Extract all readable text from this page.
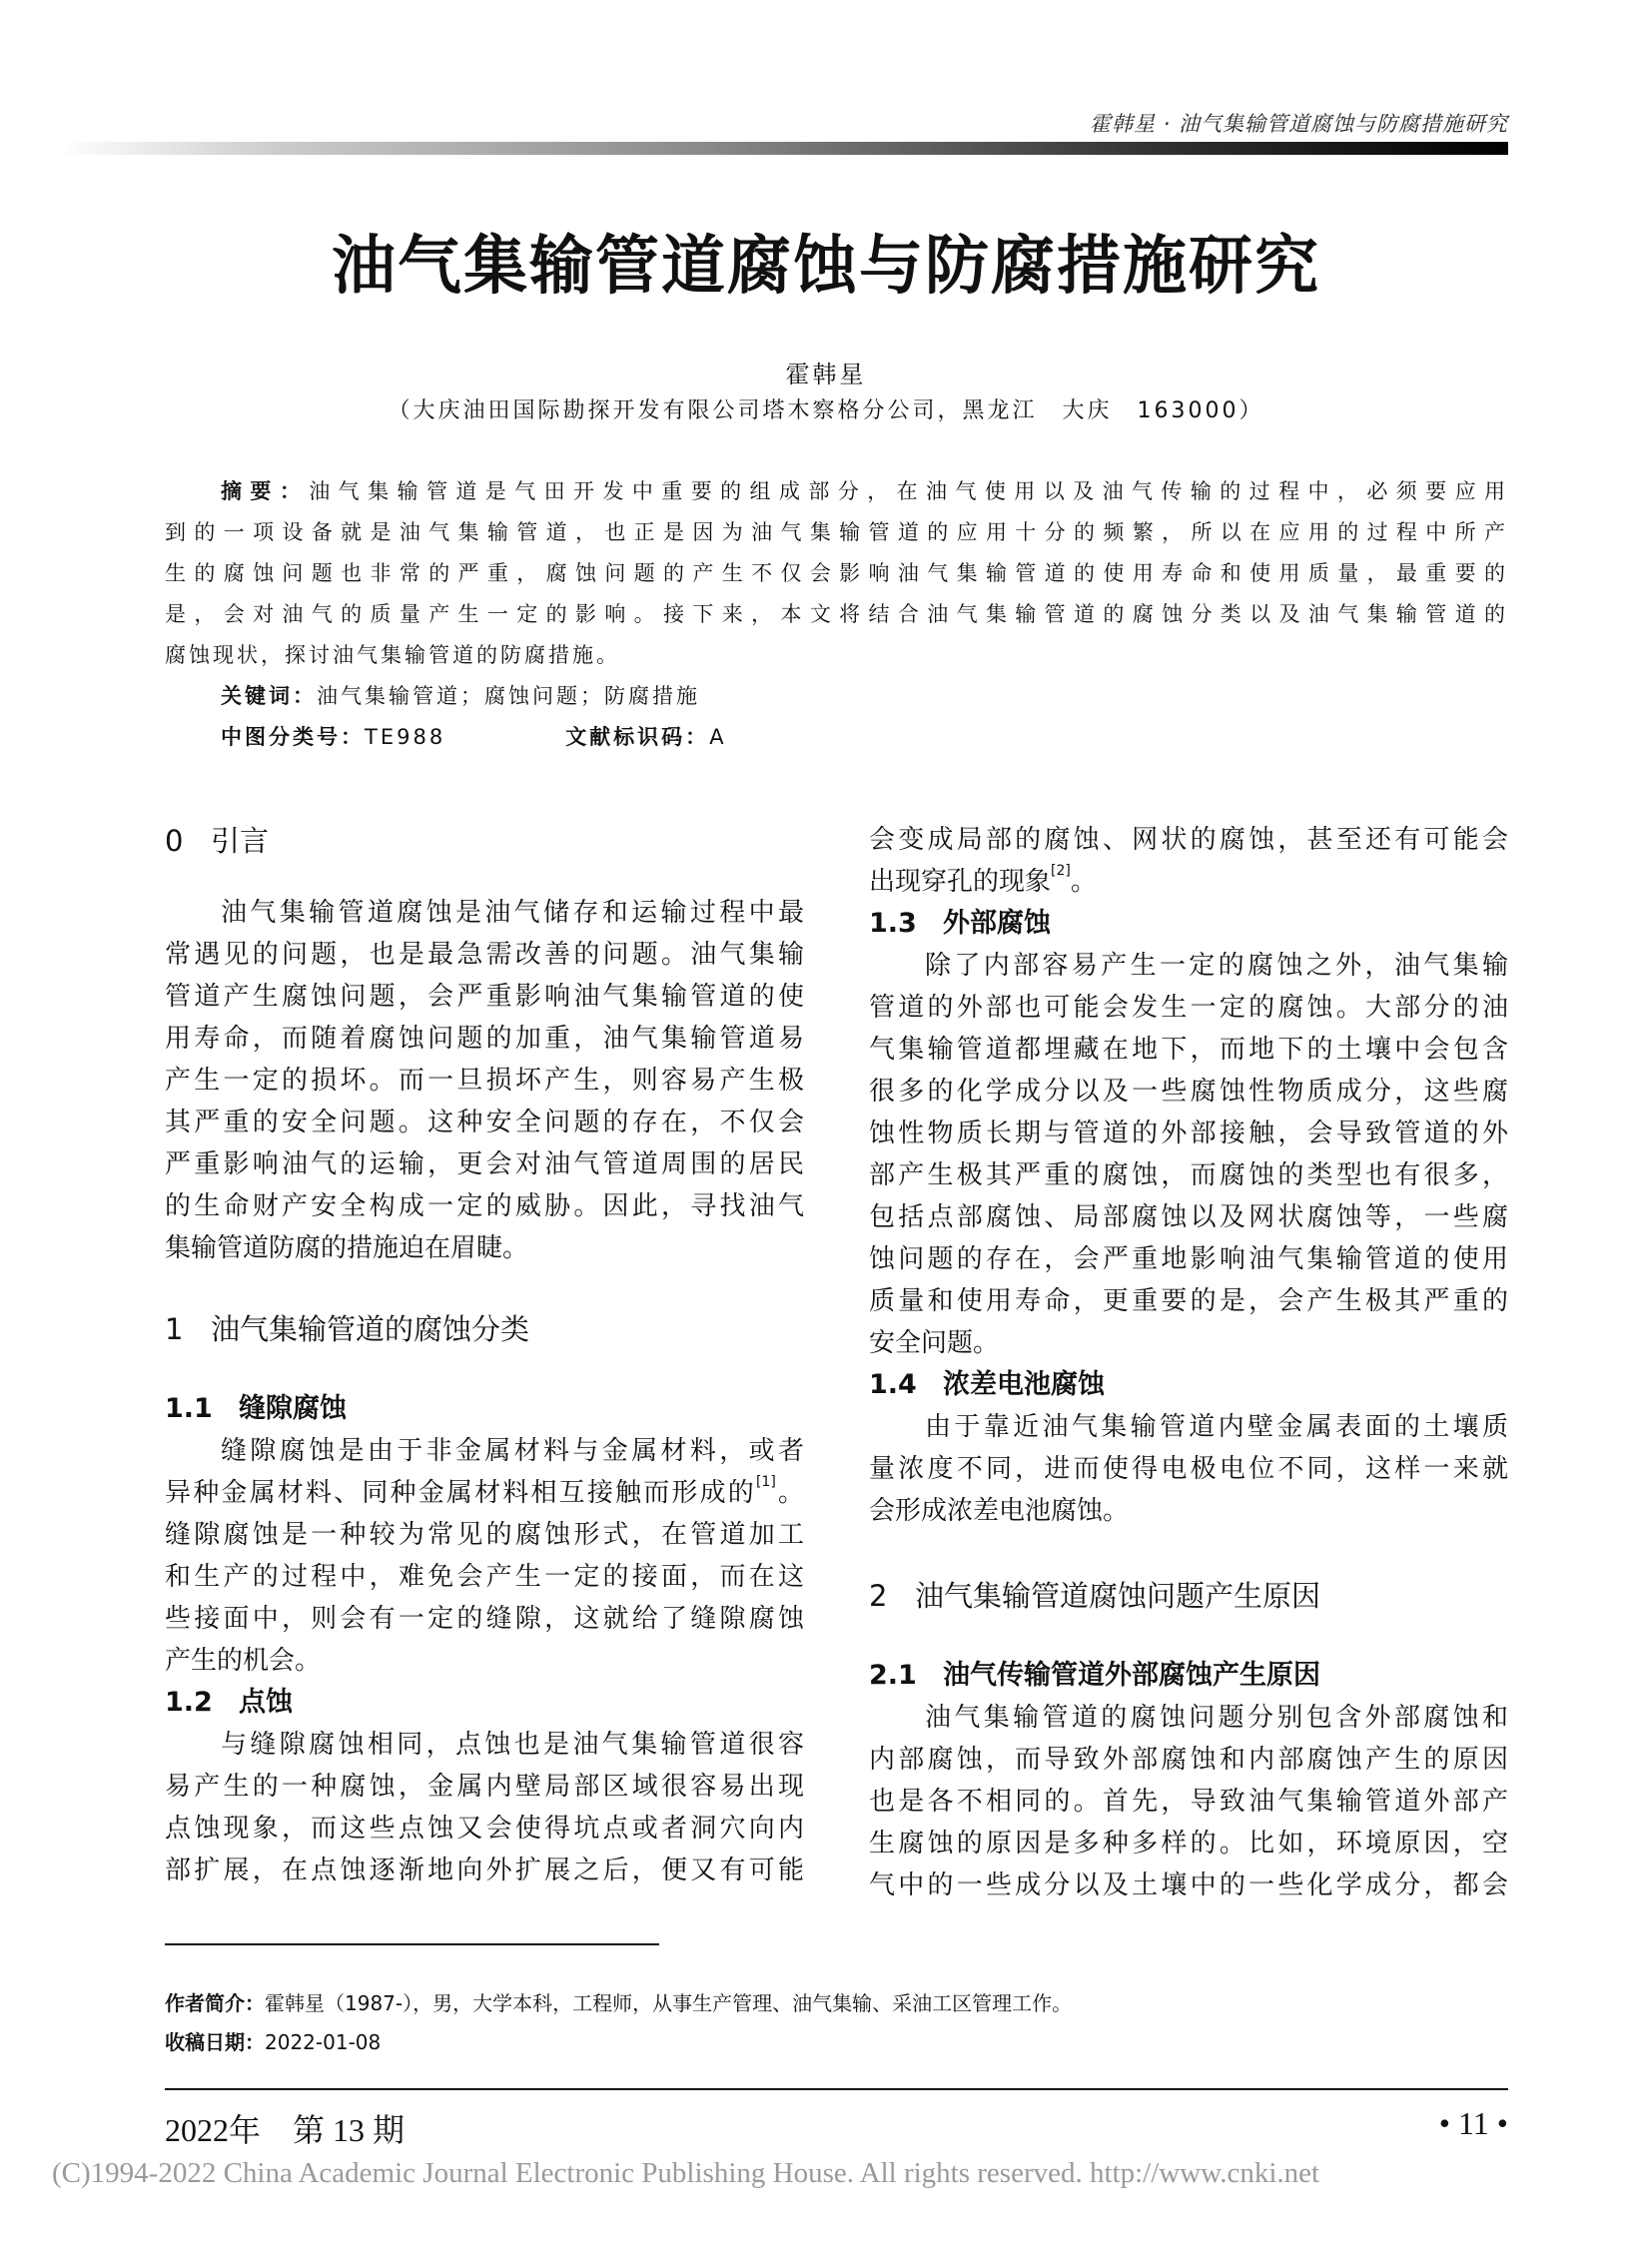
霍韩星 · 油气集输管道腐蚀与防腐措施研究
油气集输管道腐蚀与防腐措施研究
霍韩星
（大庆油田国际勘探开发有限公司塔木察格分公司，黑龙江　大庆　163000）
摘要：油气集输管道是气田开发中重要的组成部分，在油气使用以及油气传输的过程中，必须要应用
到的一项设备就是油气集输管道，也正是因为油气集输管道的应用十分的频繁，所以在应用的过程中所产
生的腐蚀问题也非常的严重，腐蚀问题的产生不仅会影响油气集输管道的使用寿命和使用质量，最重要的
是，会对油气的质量产生一定的影响。接下来，本文将结合油气集输管道的腐蚀分类以及油气集输管道的
腐蚀现状，探讨油气集输管道的防腐措施。
关键词：油气集输管道；腐蚀问题；防腐措施
中图分类号：TE988	文献标识码：A
0 引言
油气集输管道腐蚀是油气储存和运输过程中最
常遇见的问题，也是最急需改善的问题。油气集输
管道产生腐蚀问题，会严重影响油气集输管道的使
用寿命，而随着腐蚀问题的加重，油气集输管道易
产生一定的损坏。而一旦损坏产生，则容易产生极
其严重的安全问题。这种安全问题的存在，不仅会
严重影响油气的运输，更会对油气管道周围的居民
的生命财产安全构成一定的威胁。因此，寻找油气
集输管道防腐的措施迫在眉睫。
1 油气集输管道的腐蚀分类
1.1 缝隙腐蚀
缝隙腐蚀是由于非金属材料与金属材料，或者
异种金属材料、同种金属材料相互接触而形成的[1]。
缝隙腐蚀是一种较为常见的腐蚀形式，在管道加工
和生产的过程中，难免会产生一定的接面，而在这
些接面中，则会有一定的缝隙，这就给了缝隙腐蚀
产生的机会。
1.2 点蚀
与缝隙腐蚀相同，点蚀也是油气集输管道很容
易产生的一种腐蚀，金属内壁局部区域很容易出现
点蚀现象，而这些点蚀又会使得坑点或者洞穴向内
部扩展，在点蚀逐渐地向外扩展之后，便又有可能
会变成局部的腐蚀、网状的腐蚀，甚至还有可能会
出现穿孔的现象[2]。
1.3 外部腐蚀
除了内部容易产生一定的腐蚀之外，油气集输
管道的外部也可能会发生一定的腐蚀。大部分的油
气集输管道都埋藏在地下，而地下的土壤中会包含
很多的化学成分以及一些腐蚀性物质成分，这些腐
蚀性物质长期与管道的外部接触，会导致管道的外
部产生极其严重的腐蚀，而腐蚀的类型也有很多，
包括点部腐蚀、局部腐蚀以及网状腐蚀等，一些腐
蚀问题的存在，会严重地影响油气集输管道的使用
质量和使用寿命，更重要的是，会产生极其严重的
安全问题。
1.4 浓差电池腐蚀
由于靠近油气集输管道内壁金属表面的土壤质
量浓度不同，进而使得电极电位不同，这样一来就
会形成浓差电池腐蚀。
2 油气集输管道腐蚀问题产生原因
2.1 油气传输管道外部腐蚀产生原因
油气集输管道的腐蚀问题分别包含外部腐蚀和
内部腐蚀，而导致外部腐蚀和内部腐蚀产生的原因
也是各不相同的。首先，导致油气集输管道外部产
生腐蚀的原因是多种多样的。比如，环境原因，空
气中的一些成分以及土壤中的一些化学成分，都会
作者简介：霍韩星（1987-），男，大学本科，工程师，从事生产管理、油气集输、采油工区管理工作。
收稿日期：2022-01-08
2022年　第 13 期	• 11 •
(C)1994-2022 China Academic Journal Electronic Publishing House. All rights reserved. http://www.cnki.net
